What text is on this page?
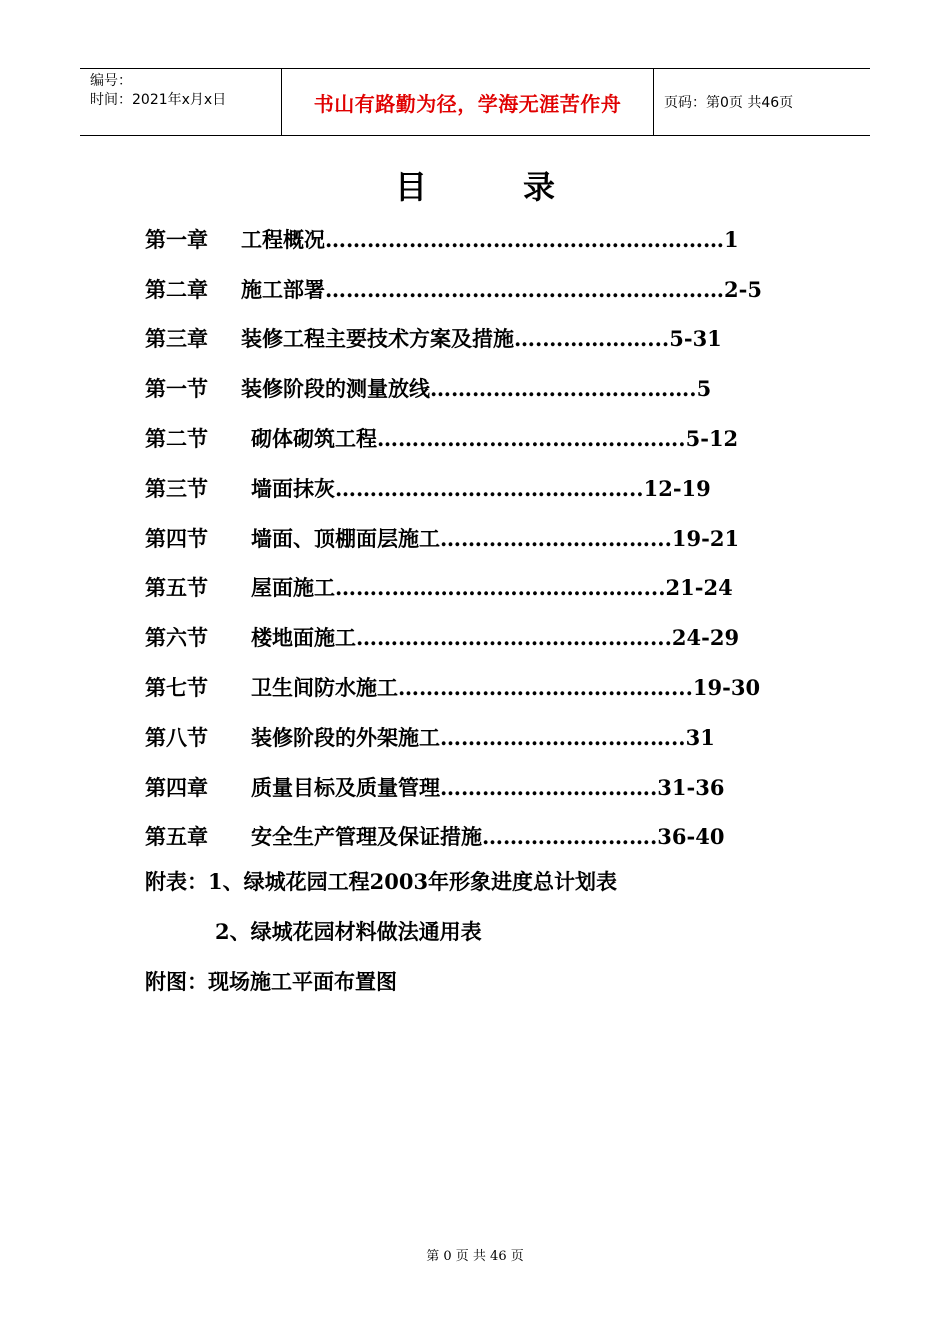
编号：
时间：2021年x月x日	书山有路勤为径，学海无涯苦作舟	页码：第0页 共46页
目录
第一章	工程概况…………………………………………………1
第二章	施工部署…………………………………………………2-5
第三章	装修工程主要技术方案及措施….……………...5-31
第一节	装修阶段的测量放线………………………….…….5
第二节	砌体砌筑工程…….……………………………….5-12
第三节	墙面抹灰……………………………………..12-19
第四节	墙面、顶棚面层施工…………………………...19-21
第五节	屋面施工……..………………………………...21-24
第六节	楼地面施工……………………………………...24-29
第七节	卫生间防水施工…………………………………...19-30
第八节	装修阶段的外架施工……………………………..31
第四章	质量目标及质量管理………………………….31-36
第五章	安全生产管理及保证措施…………………….36-40
附表：1、绿城花园工程2003年形象进度总计划表
2、绿城花园材料做法通用表
附图：现场施工平面布置图
第 0 页 共 46 页
